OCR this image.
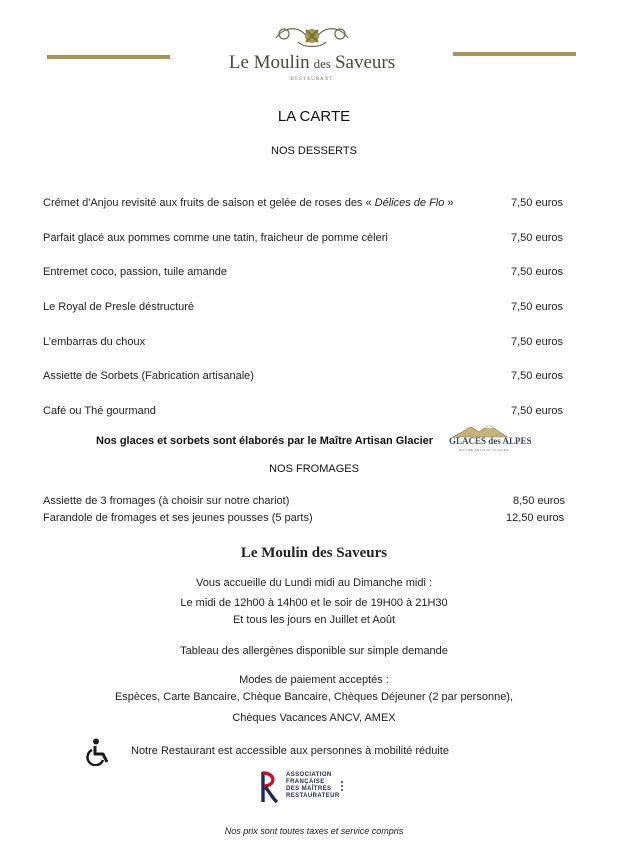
Le Moulin des Saveurs
RESTAURANT
LA CARTE
NOS DESSERTS
Crémet d'Anjou revisité aux fruits de saison et gelée de roses des « Délices de Flo »	7,50 euros
Parfait glacé aux pommes comme une tatin, fraicheur de pomme cèleri	7,50 euros
Entremet coco, passion, tuile amande	7,50 euros
Le Royal de Presle déstructuré	7,50 euros
L’embarras du choux	7,50 euros
Assiette de Sorbets (Fabrication artisanale)	7,50 euros
Café ou Thé gourmand	7,50 euros
Nos glaces et sorbets sont élaborés par le Maître Artisan Glacier GLACES des ALPES
MAÎTRE ARTISAN GLACIER
NOS FROMAGES
Assiette de 3 fromages (à choisir sur notre chariot)	8,50 euros
Farandole de fromages et ses jeunes pousses (5 parts)	12,50 euros
Le Moulin des Saveurs
Vous accueille du Lundi midi au Dimanche midi :
Le midi de 12h00 à 14h00 et le soir de 19H00 à 21H30
Et tous les jours en Juillet et Août
Tableau des allergènes disponible sur simple demande
Modes de paiement acceptés :
Espèces, Carte Bancaire, Chèque Bancaire, Chèques Déjeuner (2 par personne),
Chèques Vacances ANCV, AMEX
Notre Restaurant est accessible aux personnes à mobilité réduite
ASSOCIATION
FRANÇAISE
DES MAÎTRES
RESTAURATEUR
Nos prix sont toutes taxes et service compris
